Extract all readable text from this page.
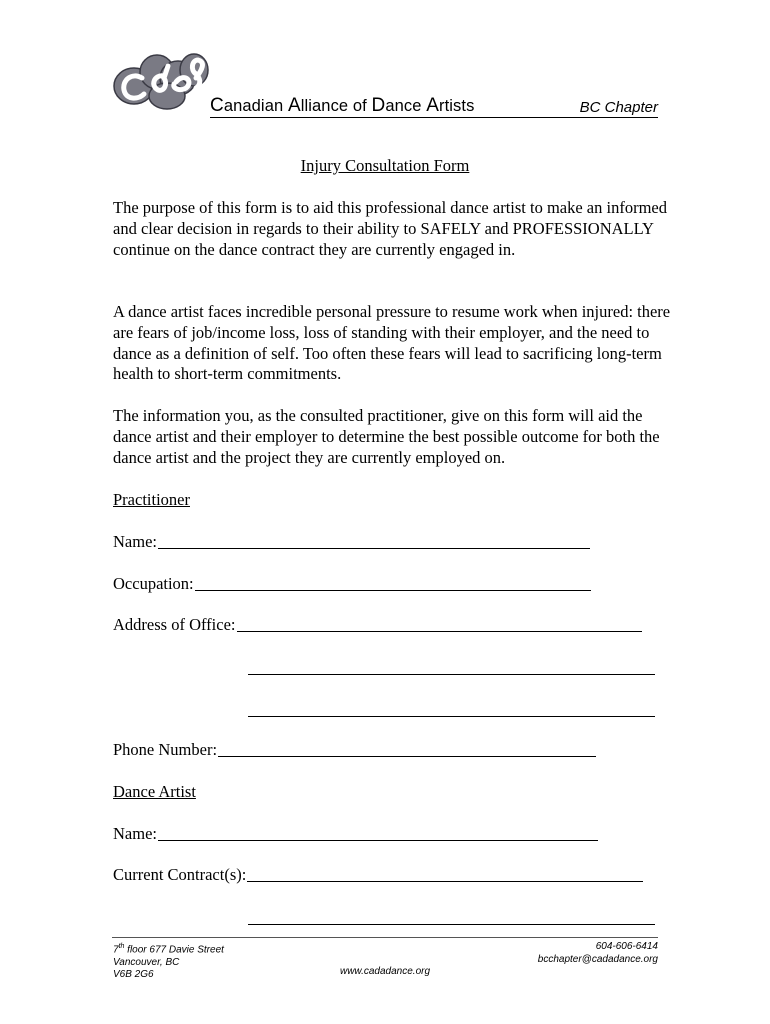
Canadian Alliance of Dance Artists	BC Chapter
Injury Consultation Form

The purpose of this form is to aid this professional dance artist to make an informed and clear decision in regards to their ability to SAFELY and PROFESSIONALLY continue on the dance contract they are currently engaged in.

A dance artist faces incredible personal pressure to resume work when injured: there are fears of job/income loss, loss of standing with their employer, and the need to dance as a definition of self. Too often these fears will lead to sacrificing long-term health to short-term commitments.

The information you, as the consulted practitioner, give on this form will aid the dance artist and their employer to determine the best possible outcome for both the dance artist and the project they are currently employed on.

Practitioner
Name:
Occupation:
Address of Office:
Phone Number:
Dance Artist
Name:
Current Contract(s):
7th floor 677 Davie Street
Vancouver, BC
V6B 2G6
604-606-6414
bcchapter@cadadance.org
www.cadadance.org
